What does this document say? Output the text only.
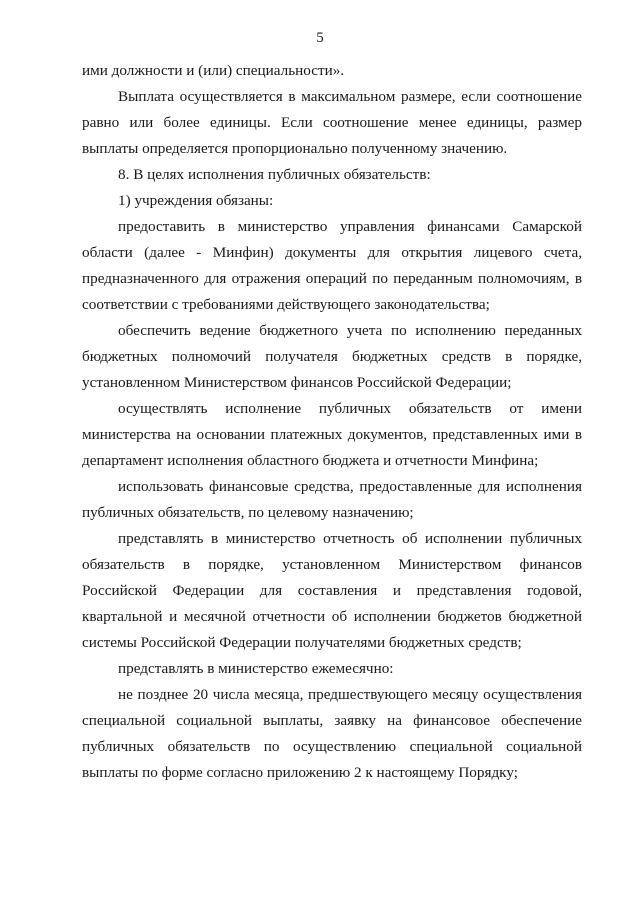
5

ими должности и (или) специальности».

Выплата осуществляется в максимальном размере, если соотношение равно или более единицы. Если соотношение менее единицы, размер выплаты определяется пропорционально полученному значению.

8. В целях исполнения публичных обязательств:

1) учреждения обязаны:

предоставить в министерство управления финансами Самарской области (далее - Минфин) документы для открытия лицевого счета, предназначенного для отражения операций по переданным полномочиям, в соответствии с требованиями действующего законодательства;

обеспечить ведение бюджетного учета по исполнению переданных бюджетных полномочий получателя бюджетных средств в порядке, установленном Министерством финансов Российской Федерации;

осуществлять исполнение публичных обязательств от имени министерства на основании платежных документов, представленных ими в департамент исполнения областного бюджета и отчетности Минфина;

использовать финансовые средства, предоставленные для исполнения публичных обязательств, по целевому назначению;

представлять в министерство отчетность об исполнении публичных обязательств в порядке, установленном Министерством финансов Российской Федерации для составления и представления годовой, квартальной и месячной отчетности об исполнении бюджетов бюджетной системы Российской Федерации получателями бюджетных средств;

представлять в министерство ежемесячно:

не позднее 20 числа месяца, предшествующего месяцу осуществления специальной социальной выплаты, заявку на финансовое обеспечение публичных обязательств по осуществлению специальной социальной выплаты по форме согласно приложению 2 к настоящему Порядку;
